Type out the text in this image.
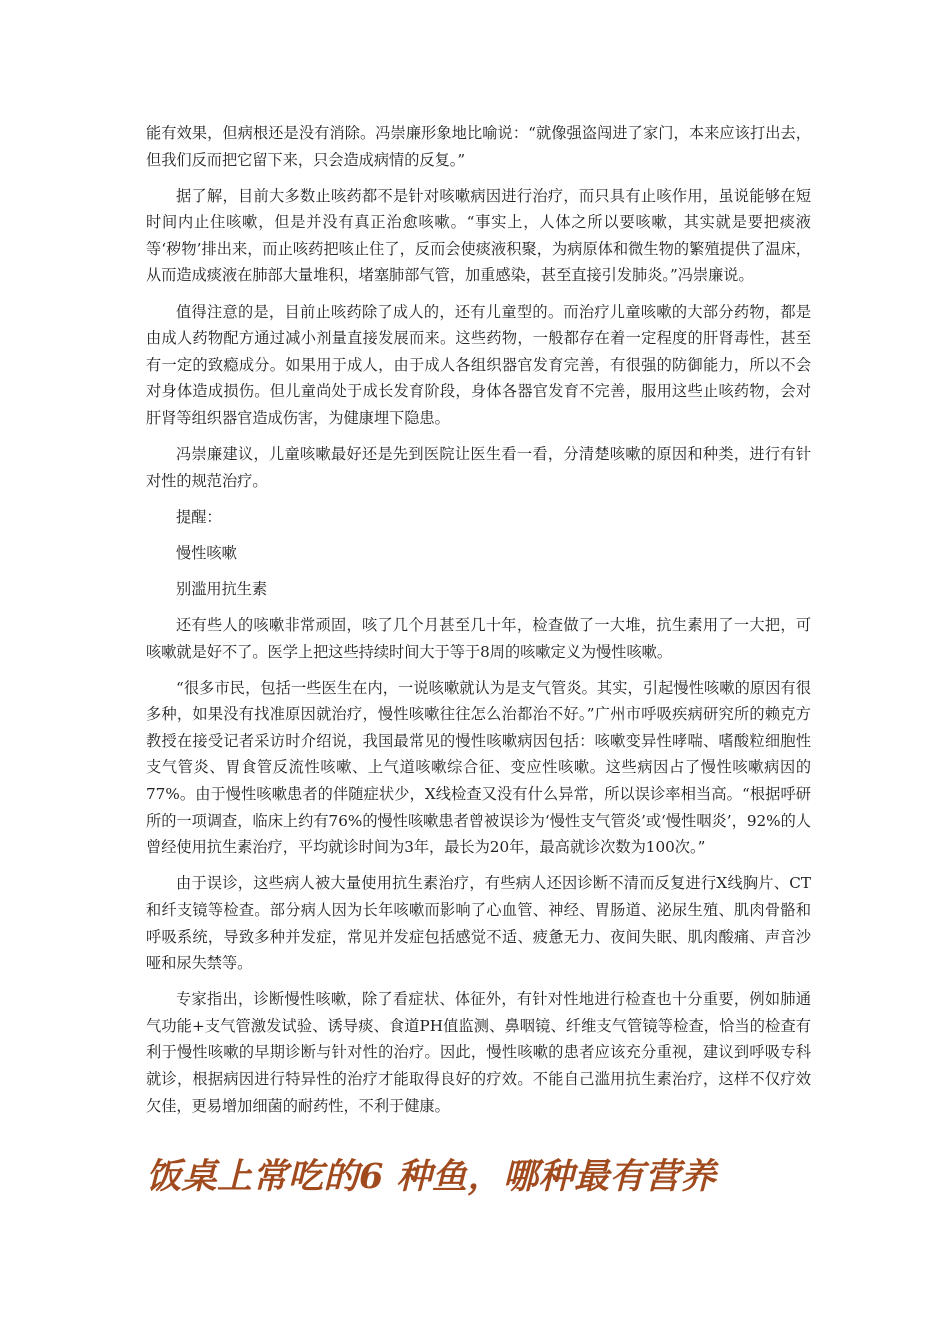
能有效果，但病根还是没有消除。冯崇廉形象地比喻说：“就像强盗闯进了家门，本来应该打出去，但我们反而把它留下来，只会造成病情的反复。”

据了解，目前大多数止咳药都不是针对咳嗽病因进行治疗，而只具有止咳作用，虽说能够在短时间内止住咳嗽，但是并没有真正治愈咳嗽。“事实上，人体之所以要咳嗽，其实就是要把痰液等‘秽物’排出来，而止咳药把咳止住了，反而会使痰液积聚，为病原体和微生物的繁殖提供了温床，从而造成痰液在肺部大量堆积，堵塞肺部气管，加重感染，甚至直接引发肺炎。”冯崇廉说。

值得注意的是，目前止咳药除了成人的，还有儿童型的。而治疗儿童咳嗽的大部分药物，都是由成人药物配方通过减小剂量直接发展而来。这些药物，一般都存在着一定程度的肝肾毒性，甚至有一定的致瘾成分。如果用于成人，由于成人各组织器官发育完善，有很强的防御能力，所以不会对身体造成损伤。但儿童尚处于成长发育阶段，身体各器官发育不完善，服用这些止咳药物，会对肝肾等组织器官造成伤害，为健康埋下隐患。

冯崇廉建议，儿童咳嗽最好还是先到医院让医生看一看，分清楚咳嗽的原因和种类，进行有针对性的规范治疗。

提醒：

慢性咳嗽

别滥用抗生素

还有些人的咳嗽非常顽固，咳了几个月甚至几十年，检查做了一大堆，抗生素用了一大把，可咳嗽就是好不了。医学上把这些持续时间大于等于8周的咳嗽定义为慢性咳嗽。

“很多市民，包括一些医生在内，一说咳嗽就认为是支气管炎。其实，引起慢性咳嗽的原因有很多种，如果没有找准原因就治疗，慢性咳嗽往往怎么治都治不好。”广州市呼吸疾病研究所的赖克方教授在接受记者采访时介绍说，我国最常见的慢性咳嗽病因包括：咳嗽变异性哮喘、嗜酸粒细胞性支气管炎、胃食管反流性咳嗽、上气道咳嗽综合征、变应性咳嗽。这些病因占了慢性咳嗽病因的77%。由于慢性咳嗽患者的伴随症状少，X线检查又没有什么异常，所以误诊率相当高。“根据呼研所的一项调查，临床上约有76%的慢性咳嗽患者曾被误诊为‘慢性支气管炎’或‘慢性咽炎’，92%的人曾经使用抗生素治疗，平均就诊时间为3年，最长为20年，最高就诊次数为100次。”

由于误诊，这些病人被大量使用抗生素治疗，有些病人还因诊断不清而反复进行X线胸片、CT和纤支镜等检查。部分病人因为长年咳嗽而影响了心血管、神经、胃肠道、泌尿生殖、肌肉骨骼和呼吸系统，导致多种并发症，常见并发症包括感觉不适、疲惫无力、夜间失眠、肌肉酸痛、声音沙哑和尿失禁等。

专家指出，诊断慢性咳嗽，除了看症状、体征外，有针对性地进行检查也十分重要，例如肺通气功能+支气管激发试验、诱导痰、食道PH值监测、鼻咽镜、纤维支气管镜等检查，恰当的检查有利于慢性咳嗽的早期诊断与针对性的治疗。因此，慢性咳嗽的患者应该充分重视，建议到呼吸专科就诊，根据病因进行特异性的治疗才能取得良好的疗效。不能自己滥用抗生素治疗，这样不仅疗效欠佳，更易增加细菌的耐药性，不利于健康。

饭桌上常吃的6 种鱼，哪种最有营养
